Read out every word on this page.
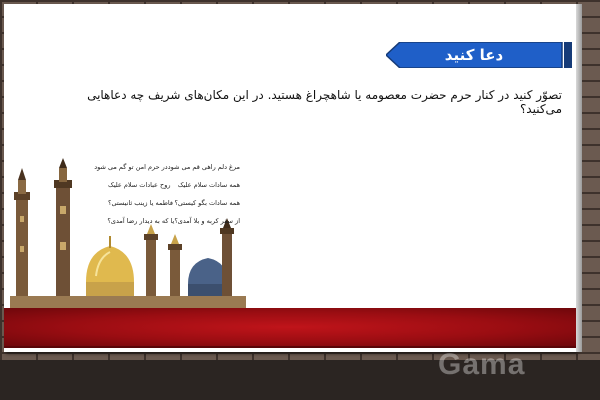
دعا کنید
تصوّر کنید در کنار حرم حضرت معصومه یا شاهچراغ هستید. در این مکان‌های شریف چه دعاهایی می‌کنید؟
مرغ دلم راهی قم می شود
در حرم امن تو گم می شود
همه سادات سلام علیک
روح عبادات سلام علیک
همه سادات بگو کیستی؟
فاطمه یا زینب ثانیستی؟
از سفر کربه و بلا آمدی؟
یا که به دیدار رضا آمدی؟
Gama
